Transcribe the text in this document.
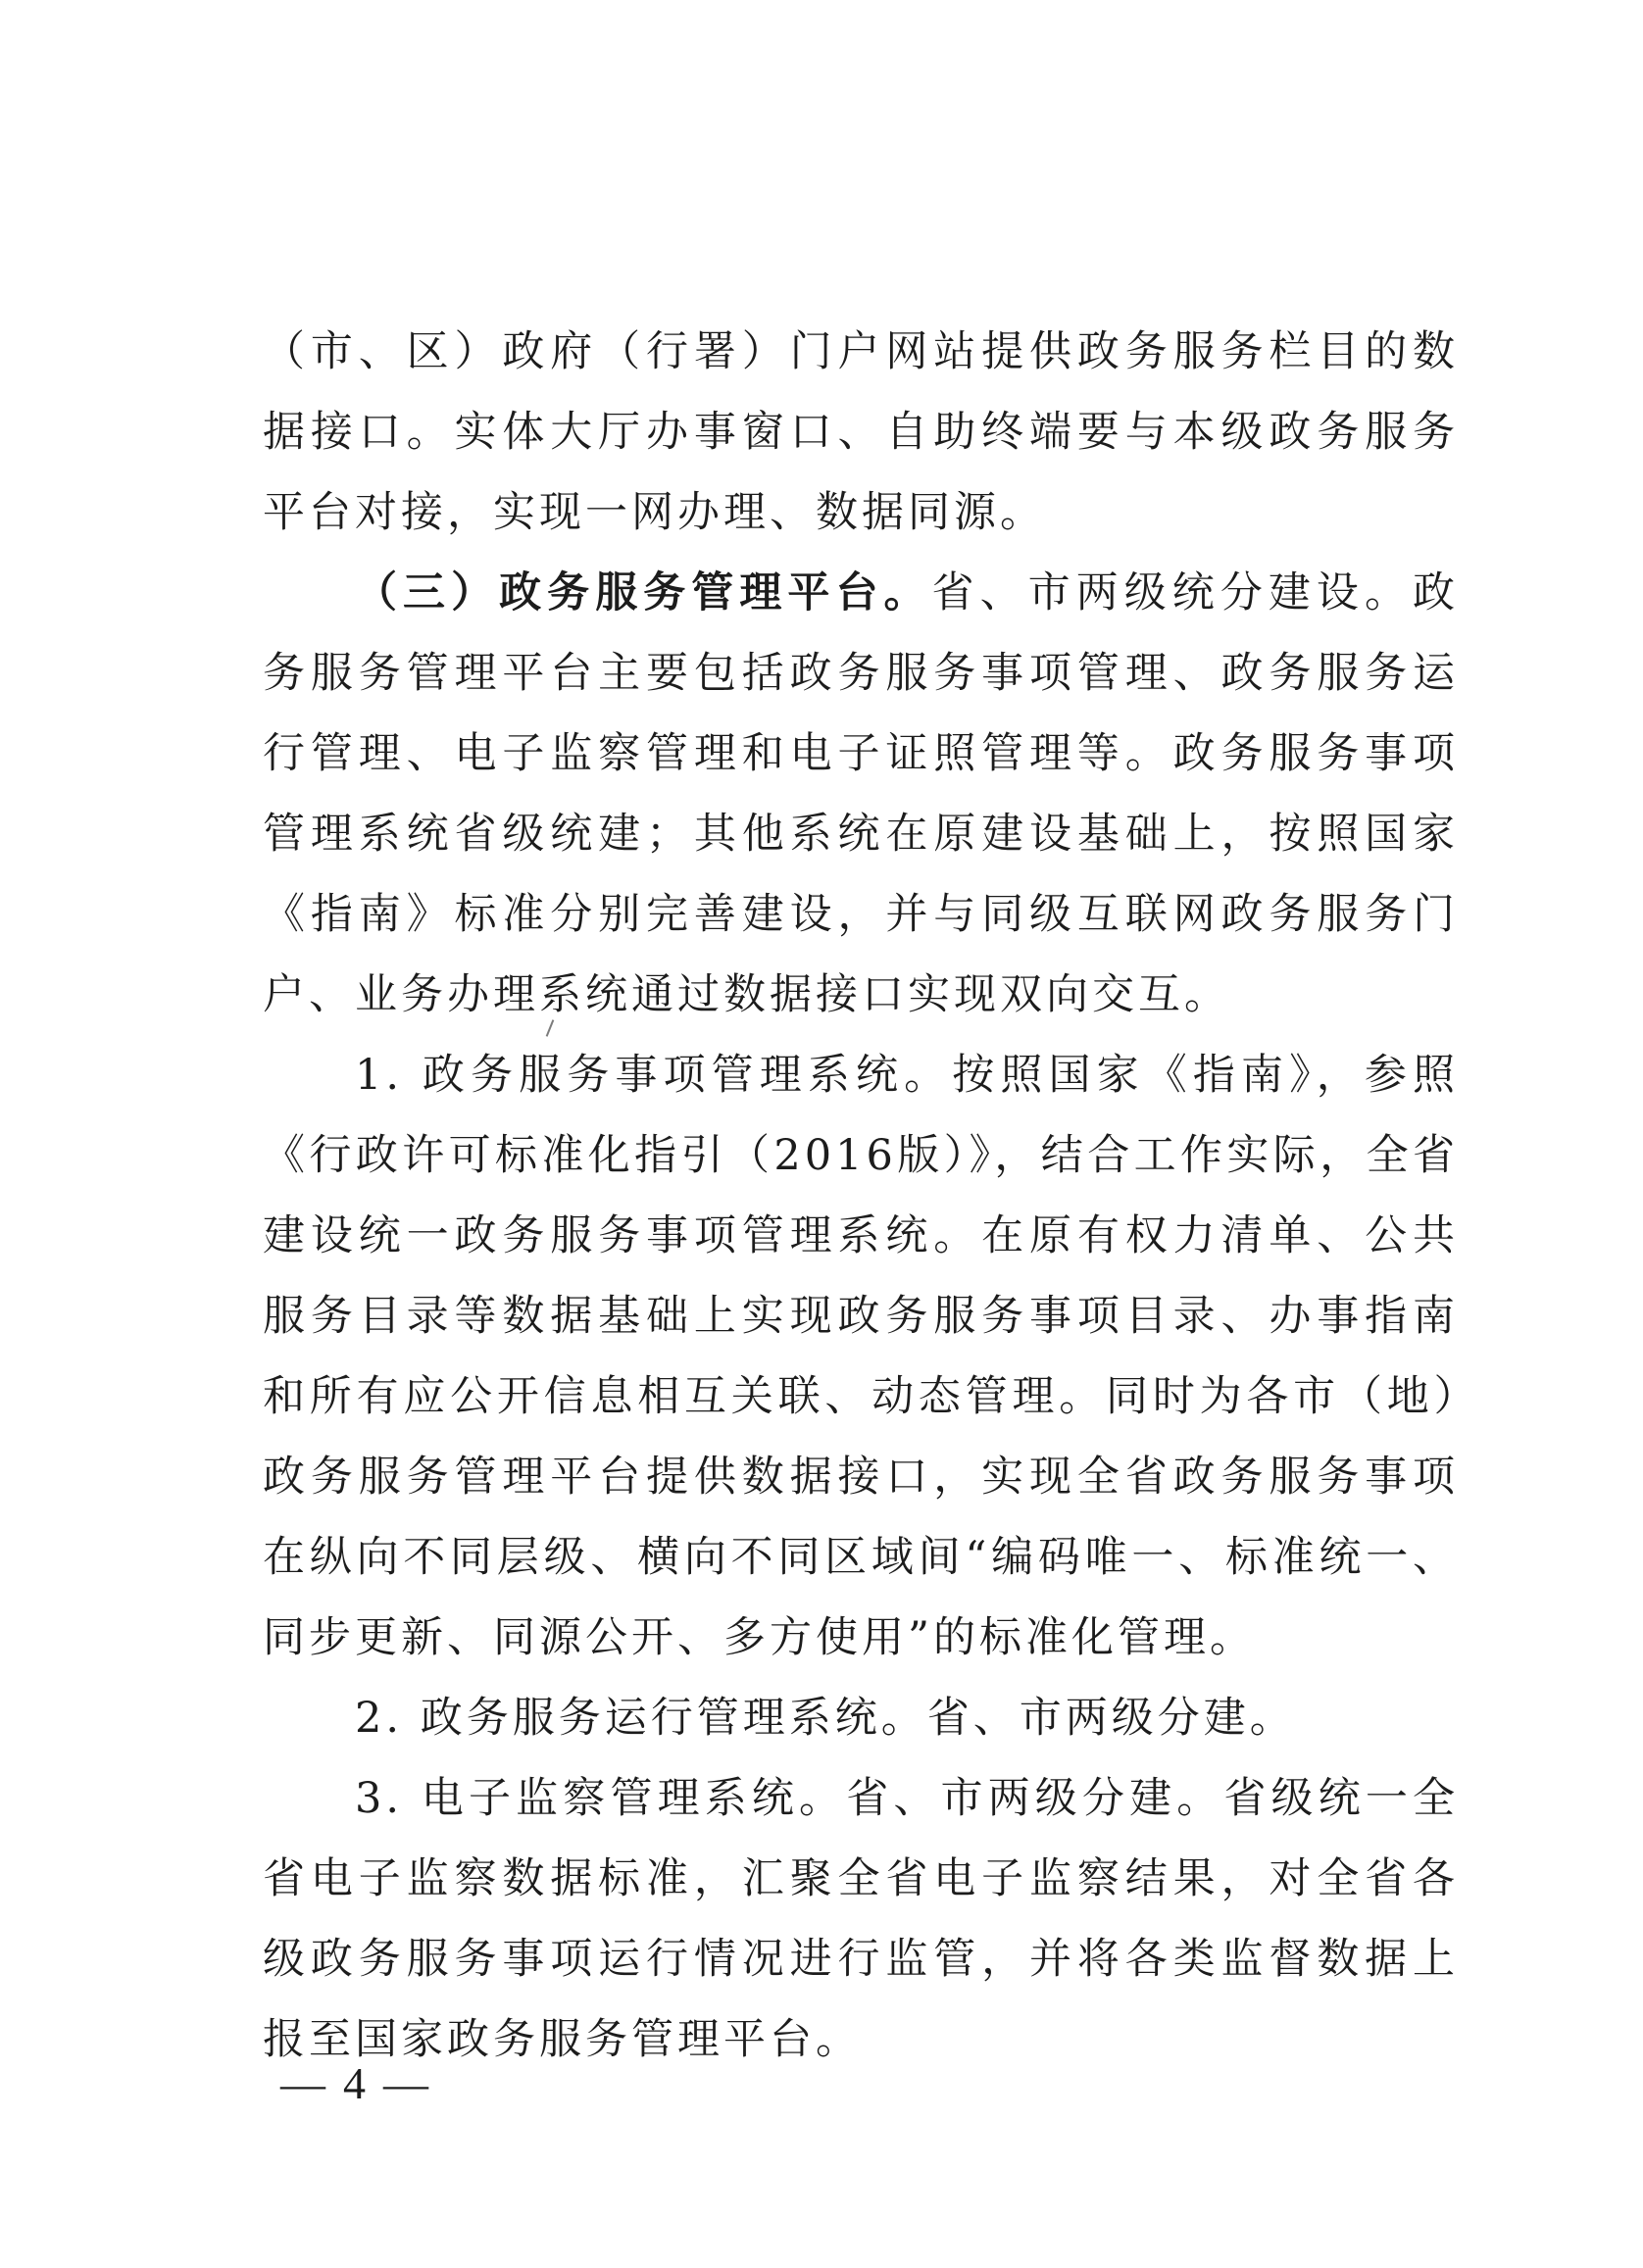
（市、区）政府（行署）门户网站提供政务服务栏目的数据接口。实体大厅办事窗口、自助终端要与本级政务服务平台对接，实现一网办理、数据同源。

（三）政务服务管理平台。省、市两级统分建设。政务服务管理平台主要包括政务服务事项管理、政务服务运行管理、电子监察管理和电子证照管理等。政务服务事项管理系统省级统建；其他系统在原建设基础上，按照国家《指南》标准分别完善建设，并与同级互联网政务服务门户、业务办理系统通过数据接口实现双向交互。

1. 政务服务事项管理系统。按照国家《指南》，参照《行政许可标准化指引（2016版）》，结合工作实际，全省建设统一政务服务事项管理系统。在原有权力清单、公共服务目录等数据基础上实现政务服务事项目录、办事指南和所有应公开信息相互关联、动态管理。同时为各市（地）政务服务管理平台提供数据接口，实现全省政务服务事项在纵向不同层级、横向不同区域间“编码唯一、标准统一、同步更新、同源公开、多方使用”的标准化管理。

2. 政务服务运行管理系统。省、市两级分建。

3. 电子监察管理系统。省、市两级分建。省级统一全省电子监察数据标准，汇聚全省电子监察结果，对全省各级政务服务事项运行情况进行监管，并将各类监督数据上报至国家政务服务管理平台。

— 4 —
